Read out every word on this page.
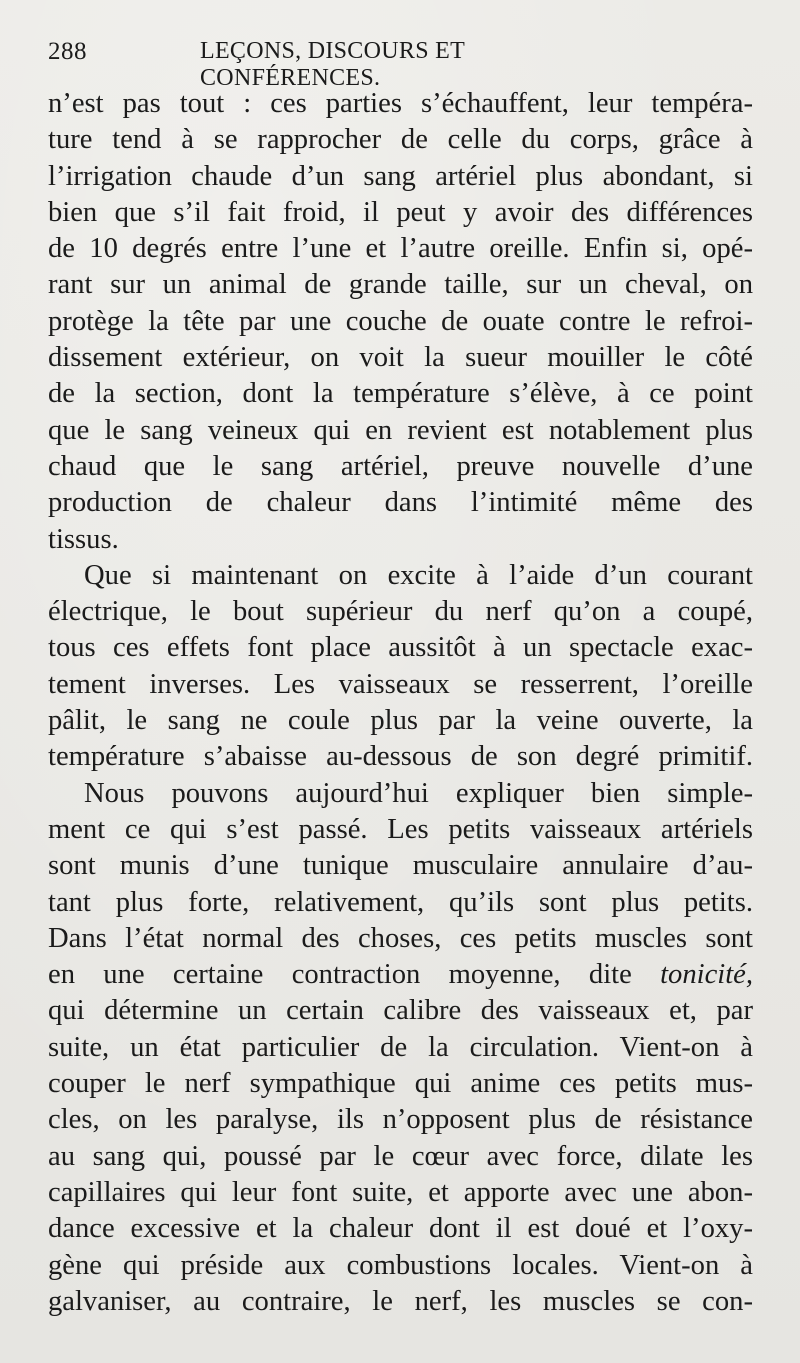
288	LEÇONS, DISCOURS ET CONFÉRENCES.
n’est pas tout : ces parties s’échauffent, leur tempéra-
ture tend à se rapprocher de celle du corps, grâce à
l’irrigation chaude d’un sang artériel plus abondant, si
bien que s’il fait froid, il peut y avoir des différences
de 10 degrés entre l’une et l’autre oreille. Enfin si, opé-
rant sur un animal de grande taille, sur un cheval, on
protège la tête par une couche de ouate contre le refroi-
dissement extérieur, on voit la sueur mouiller le côté
de la section, dont la température s’élève, à ce point
que le sang veineux qui en revient est notablement plus
chaud que le sang artériel, preuve nouvelle d’une
production de chaleur dans l’intimité même des
tissus.
Que si maintenant on excite à l’aide d’un courant
électrique, le bout supérieur du nerf qu’on a coupé,
tous ces effets font place aussitôt à un spectacle exac-
tement inverses. Les vaisseaux se resserrent, l’oreille
pâlit, le sang ne coule plus par la veine ouverte, la
température s’abaisse au-dessous de son degré primitif.
Nous pouvons aujourd’hui expliquer bien simple-
ment ce qui s’est passé. Les petits vaisseaux artériels
sont munis d’une tunique musculaire annulaire d’au-
tant plus forte, relativement, qu’ils sont plus petits.
Dans l’état normal des choses, ces petits muscles sont
en une certaine contraction moyenne, dite tonicité,
qui détermine un certain calibre des vaisseaux et, par
suite, un état particulier de la circulation. Vient-on à
couper le nerf sympathique qui anime ces petits mus-
cles, on les paralyse, ils n’opposent plus de résistance
au sang qui, poussé par le cœur avec force, dilate les
capillaires qui leur font suite, et apporte avec une abon-
dance excessive et la chaleur dont il est doué et l’oxy-
gène qui préside aux combustions locales. Vient-on à
galvaniser, au contraire, le nerf, les muscles se con-
